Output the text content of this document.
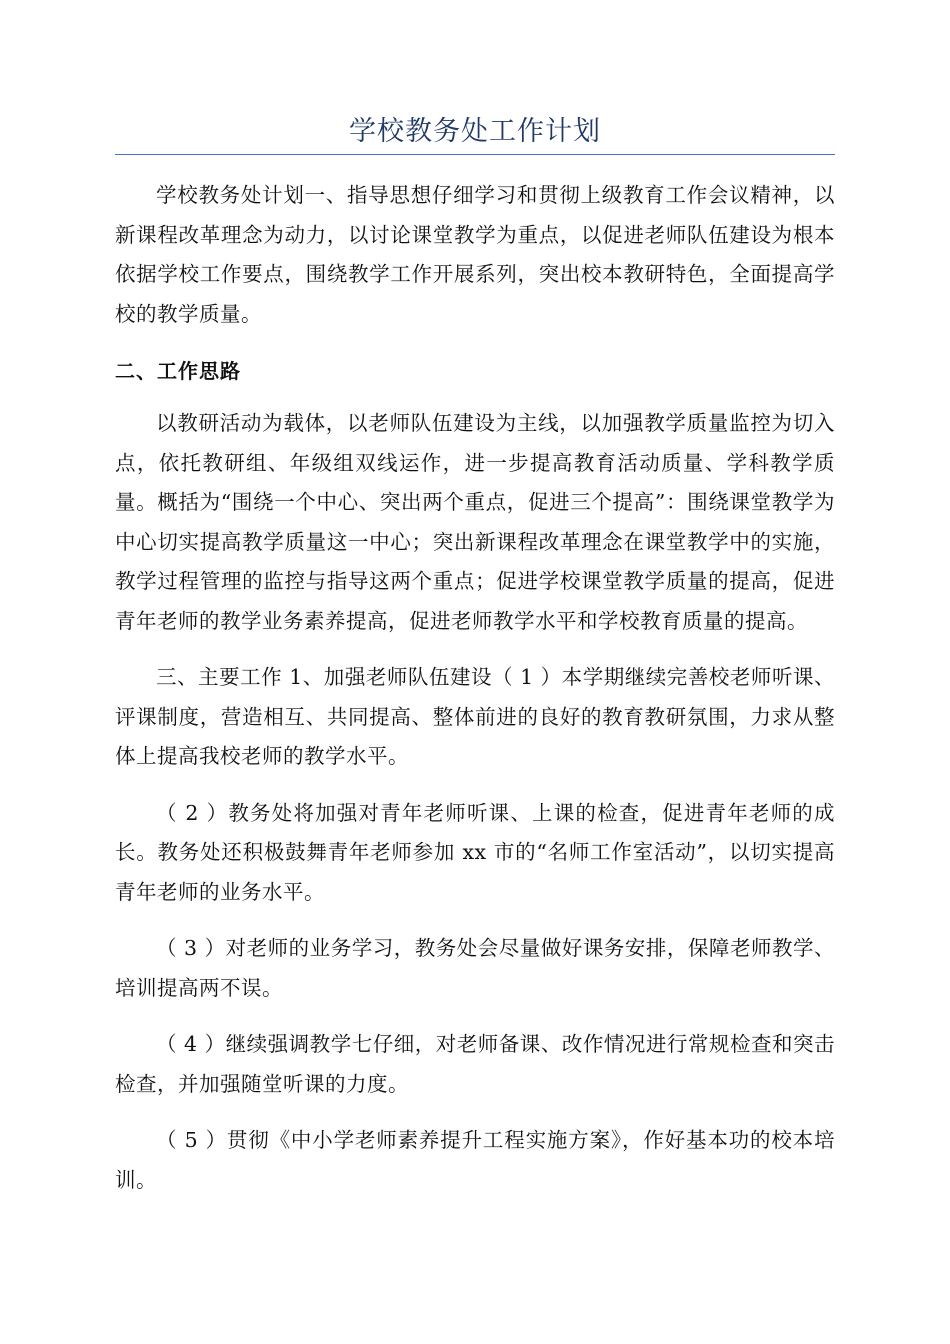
学校教务处工作计划

学校教务处计划一、指导思想仔细学习和贯彻上级教育工作会议精神，以新课程改革理念为动力，以讨论课堂教学为重点，以促进老师队伍建设为根本依据学校工作要点，围绕教学工作开展系列，突出校本教研特色，全面提高学校的教学质量。

二、工作思路

以教研活动为载体，以老师队伍建设为主线，以加强教学质量监控为切入点，依托教研组、年级组双线运作，进一步提高教育活动质量、学科教学质量。概括为“围绕一个中心、突出两个重点，促进三个提高”：围绕课堂教学为中心切实提高教学质量这一中心；突出新课程改革理念在课堂教学中的实施，教学过程管理的监控与指导这两个重点；促进学校课堂教学质量的提高，促进青年老师的教学业务素养提高，促进老师教学水平和学校教育质量的提高。

三、主要工作 1、加强老师队伍建设（ 1 ）本学期继续完善校老师听课、评课制度，营造相互、共同提高、整体前进的良好的教育教研氛围，力求从整体上提高我校老师的教学水平。

（ 2 ）教务处将加强对青年老师听课、上课的检查，促进青年老师的成长。教务处还积极鼓舞青年老师参加 xx 市的“名师工作室活动”，以切实提高青年老师的业务水平。

（ 3 ）对老师的业务学习，教务处会尽量做好课务安排，保障老师教学、培训提高两不误。

（ 4 ）继续强调教学七仔细，对老师备课、改作情况进行常规检查和突击检查，并加强随堂听课的力度。

（ 5 ）贯彻《中小学老师素养提升工程实施方案》，作好基本功的校本培训。
